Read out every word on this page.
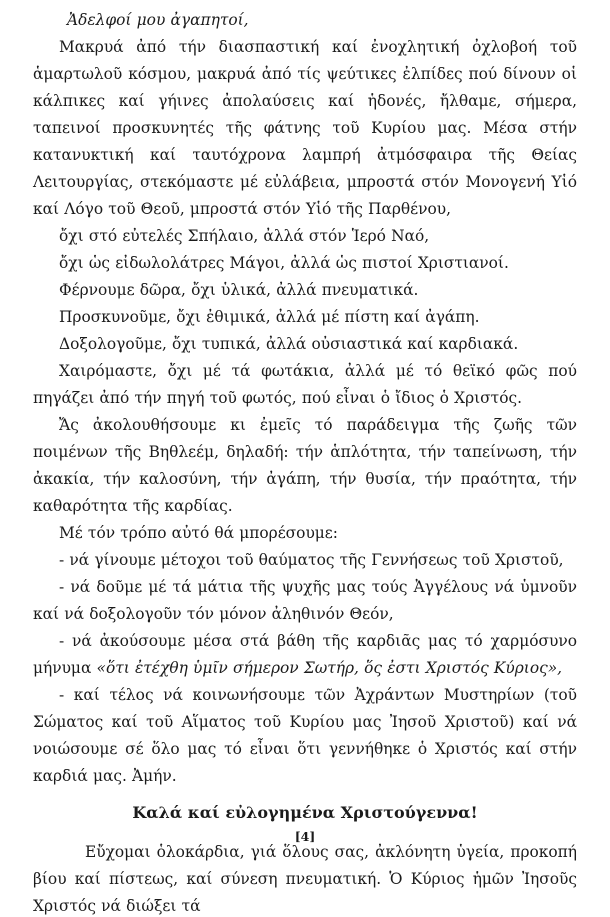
Ἀδελφοί μου ἀγαπητοί,

Μακρυά ἀπό τήν διασπαστική καί ἐνοχλητική ὀχλοβοή τοῦ ἁμαρτωλοῦ κόσμου, μακρυά ἀπό τίς ψεύτικες ἐλπίδες πού δίνουν οἱ κάλπικες καί γήινες ἀπολαύσεις καί ἡδονές, ἤλθαμε, σήμερα, ταπεινοί προσκυνητές τῆς φάτνης τοῦ Κυρίου μας. Μέσα στήν κατανυκτική καί ταυτόχρονα λαμπρή ἀτμόσφαιρα τῆς Θείας Λειτουργίας, στεκόμαστε μέ εὐλάβεια, μπροστά στόν Μονογενή Υἱό καί Λόγο τοῦ Θεοῦ, μπροστά στόν Υἱό τῆς Παρθένου,

ὄχι στό εὐτελές Σπήλαιο, ἀλλά στόν Ἱερό Ναό,

ὄχι ὡς εἰδωλολάτρες Μάγοι, ἀλλά ὡς πιστοί Χριστιανοί.

Φέρνουμε δῶρα, ὄχι ὑλικά, ἀλλά πνευματικά.

Προσκυνοῦμε, ὄχι ἐθιμικά, ἀλλά μέ πίστη καί ἀγάπη.

Δοξολογοῦμε, ὄχι τυπικά, ἀλλά οὐσιαστικά καί καρδιακά.

Χαιρόμαστε, ὄχι μέ τά φωτάκια, ἀλλά μέ τό θεϊκό φῶς πού πηγάζει ἀπό τήν πηγή τοῦ φωτός, πού εἶναι ὁ ἴδιος ὁ Χριστός.

Ἄς ἀκολουθήσουμε κι ἐμεῖς τό παράδειγμα τῆς ζωῆς τῶν ποιμένων τῆς Βηθλεέμ, δηλαδή: τήν ἁπλότητα, τήν ταπείνωση, τήν ἀκακία, τήν καλοσύνη, τήν ἀγάπη, τήν θυσία, τήν πραότητα, τήν καθαρότητα τῆς καρδίας.

Μέ τόν τρόπο αὐτό θά μπορέσουμε:

- νά γίνουμε μέτοχοι τοῦ θαύματος τῆς Γεννήσεως τοῦ Χριστοῦ,

- νά δοῦμε μέ τά μάτια τῆς ψυχῆς μας τούς Ἀγγέλους νά ὑμνοῦν καί νά δοξολογοῦν τόν μόνον ἀληθινόν Θεόν,

- νά ἀκούσουμε μέσα στά βάθη τῆς καρδιᾶς μας τό χαρμόσυνο μήνυμα «ὅτι ἐτέχθη ὑμῖν σήμερον Σωτήρ, ὅς ἐστι Χριστός Κύριος»,

- καί τέλος νά κοινωνήσουμε τῶν Ἀχράντων Μυστηρίων (τοῦ Σώματος καί τοῦ Αἵματος τοῦ Κυρίου μας Ἰησοῦ Χριστοῦ) καί νά νοιώσουμε σέ ὅλο μας τό εἶναι ὅτι γεννήθηκε ὁ Χριστός καί στήν καρδιά μας. Ἀμήν.

Καλά καί εὐλογημένα Χριστούγεννα!

Εὔχομαι ὁλοκάρδια, γιά ὅλους σας, ἀκλόνητη ὑγεία, προκοπή βίου καί πίστεως, καί σύνεση πνευματική. Ὁ Κύριος ἡμῶν Ἰησοῦς Χριστός νά διώξει τά

[4]
